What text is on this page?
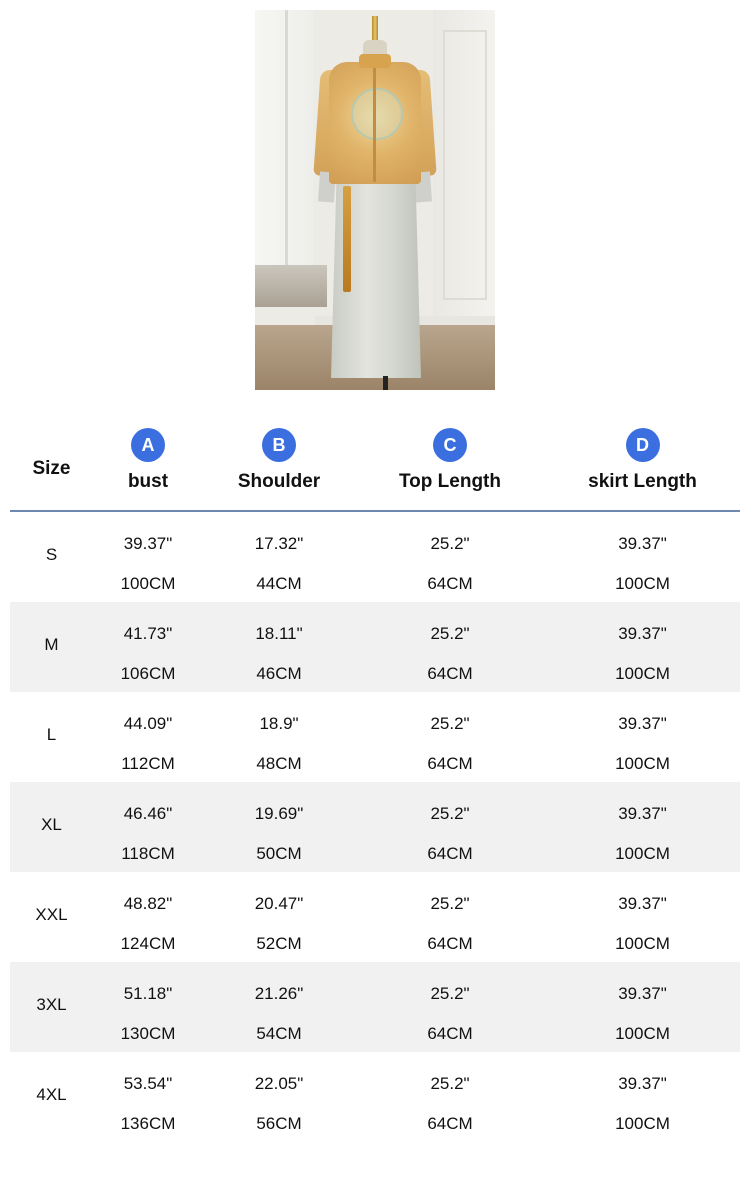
Size
A
bust
B
Shoulder
C
Top Length
D
skirt Length
S
39.37"
100CM
17.32"
44CM
25.2"
64CM
39.37"
100CM
M
41.73"
106CM
18.11"
46CM
25.2"
64CM
39.37"
100CM
L
44.09"
112CM
18.9"
48CM
25.2"
64CM
39.37"
100CM
XL
46.46"
118CM
19.69"
50CM
25.2"
64CM
39.37"
100CM
XXL
48.82"
124CM
20.47"
52CM
25.2"
64CM
39.37"
100CM
3XL
51.18"
130CM
21.26"
54CM
25.2"
64CM
39.37"
100CM
4XL
53.54"
136CM
22.05"
56CM
25.2"
64CM
39.37"
100CM
